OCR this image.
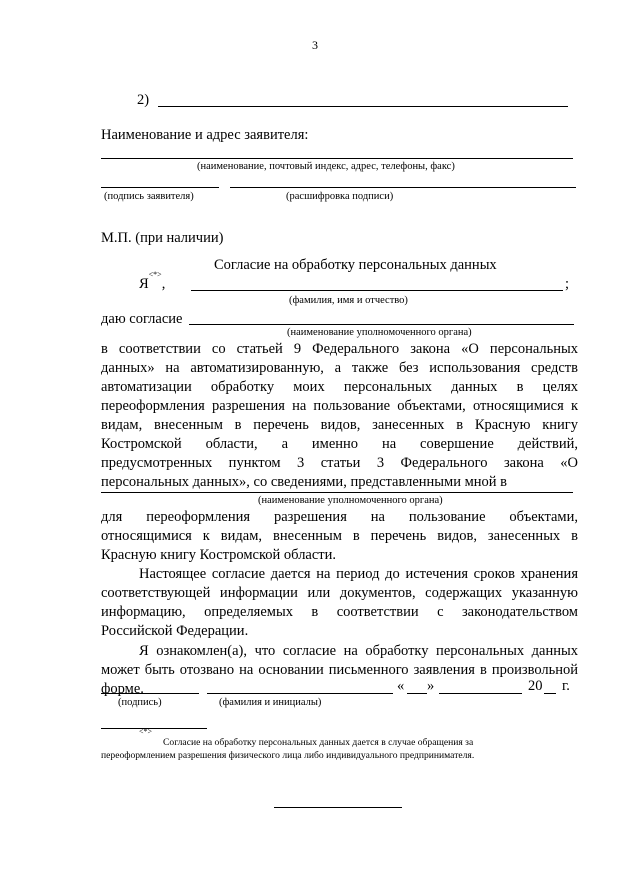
3
2)
Наименование и адрес заявителя:
(наименование, почтовый индекс, адрес, телефоны, факс)
(подпись заявителя)	(расшифровка подписи)
М.П. (при наличии)
Согласие на обработку персональных данных
Я<*>,	;
(фамилия, имя и отчество)
даю согласие
(наименование уполномоченного органа)
в соответствии со статьей 9 Федерального закона «О персональных
данных» на автоматизированную, а также без использования средств
автоматизации обработку моих персональных данных в целях
переоформления разрешения на пользование объектами, относящимися к
видам, внесенным в перечень видов, занесенных в Красную книгу
Костромской области, а именно на совершение действий,
предусмотренных пунктом 3 статьи 3 Федерального закона «О
персональных данных», со сведениями, представленными мной в
(наименование уполномоченного органа)
для переоформления разрешения на пользование объектами,
относящимися к видам, внесенным в перечень видов, занесенных в
Красную книгу Костромской области.
Настоящее согласие дается на период до истечения сроков хранения
соответствующей информации или документов, содержащих указанную
информацию, определяемых в соответствии с законодательством
Российской Федерации.
Я ознакомлен(а), что согласие на обработку персональных данных
может быть отозвано на основании письменного заявления в произвольной
форме.	« »	20 г.
(подпись)	(фамилия и инициалы)
<*>
Согласие на обработку персональных данных дается в случае обращения за
переоформлением разрешения физического лица либо индивидуального предпринимателя.
